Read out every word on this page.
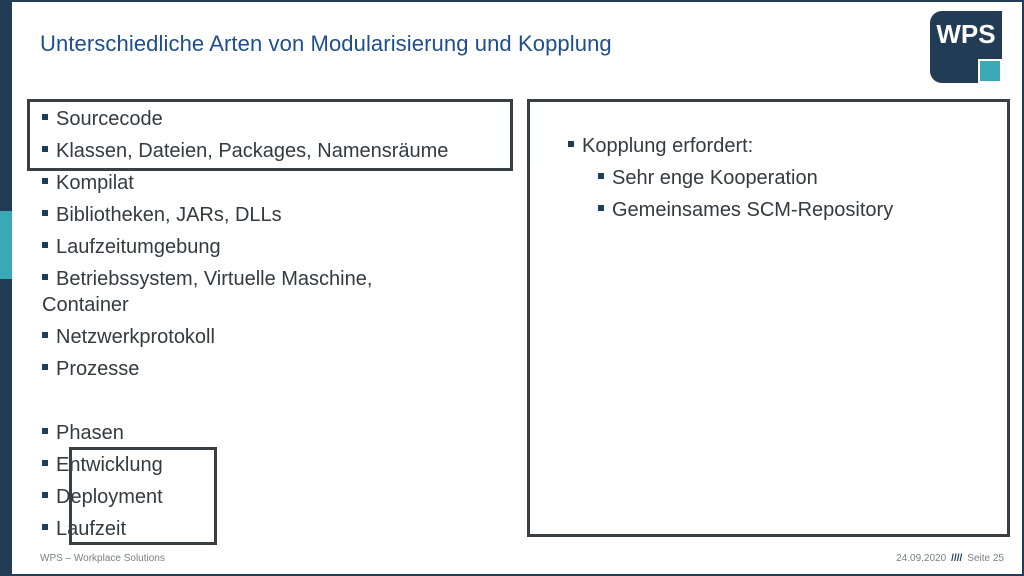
Unterschiedliche Arten von Modularisierung und Kopplung	WPS
Sourcecode
Klassen, Dateien, Packages, Namensräume
Kompilat
Bibliotheken, JARs, DLLs
Laufzeitumgebung
Betriebssystem, Virtuelle Maschine,
Container
Netzwerkprotokoll
Prozesse
Phasen
Entwicklung
Deployment
Laufzeit
Kopplung erfordert:
Sehr enge Kooperation
Gemeinsames SCM-Repository
WPS – Workplace Solutions	24.09.2020 //// Seite 25
